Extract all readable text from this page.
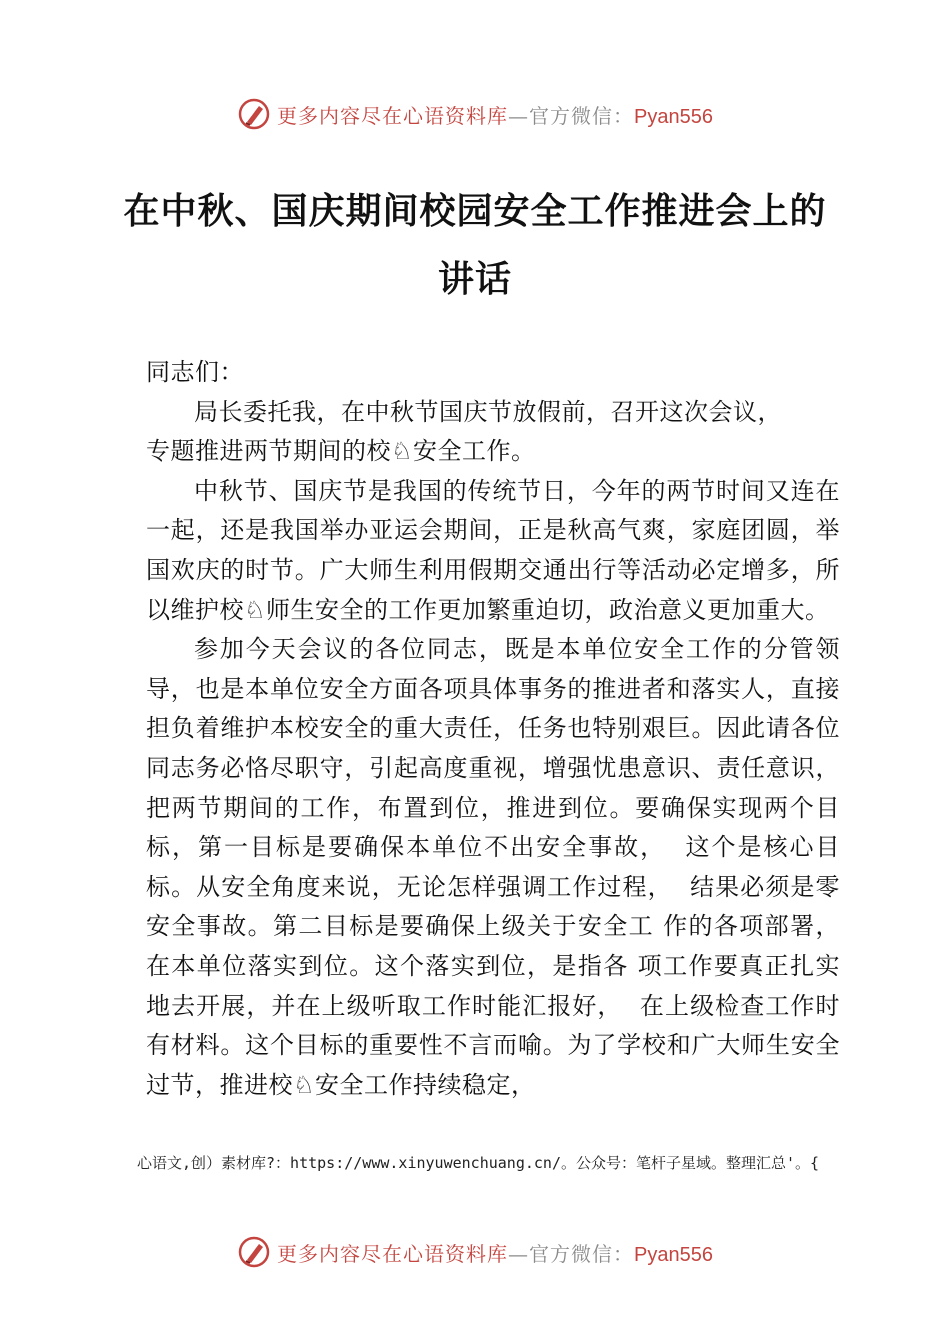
更多内容尽在心语资料库—官方微信：Pyan556
在中秋、国庆期间校园安全工作推进会上的讲话

同志们：

局长委托我，在中秋节国庆节放假前，召开这次会议，
专题推进两节期间的校♘安全工作。

中秋节、国庆节是我国的传统节日，今年的两节时间又连在一起，还是我国举办亚运会期间，正是秋高气爽，家庭团圆，举国欢庆的时节。广大师生利用假期交通出行等活动必定增多，所以维护校♘师生安全的工作更加繁重迫切，政治意义更加重大。

参加今天会议的各位同志，既是本单位安全工作的分管领导，也是本单位安全方面各项具体事务的推进者和落实人，直接担负着维护本校安全的重大责任，任务也特别艰巨。因此请各位同志务必恪尽职守，引起高度重视，增强忧患意识、责任意识，把两节期间的工作，布置到位，推进到位。要确保实现两个目标，第一目标是要确保本单位不出安全事故，  这个是核心目标。从安全角度来说，无论怎样强调工作过程，  结果必须是零安全事故。第二目标是要确保上级关于安全工 作的各项部署，在本单位落实到位。这个落实到位，是指各 项工作要真正扎实地去开展，并在上级听取工作时能汇报好，  在上级检查工作时有材料。这个目标的重要性不言而喻。为了学校和广大师生安全过节，推进校♘安全工作持续稳定，

心语文,创）素材库?：https://www.xinyuwenchuang.cn/。公众号：笔杆子星域。整理汇总'。{

更多内容尽在心语资料库—官方微信：Pyan556
